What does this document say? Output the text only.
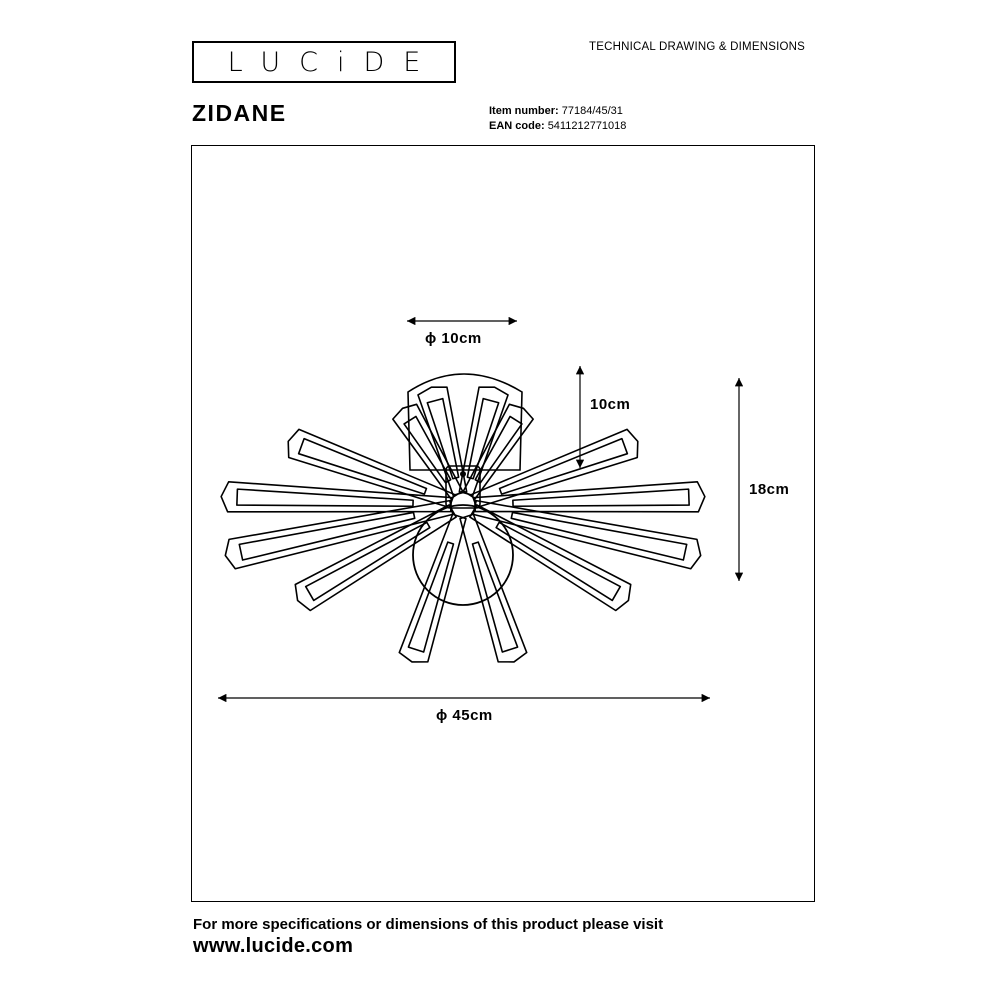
LUCiDE	TECHNICAL DRAWING & DIMENSIONS
ZIDANE	Item number: 77184/45/31
EAN code: 5411212771018
ϕ 10cm
10cm
18cm
ϕ 45cm
For more specifications or dimensions of this product please visit
www.lucide.com
